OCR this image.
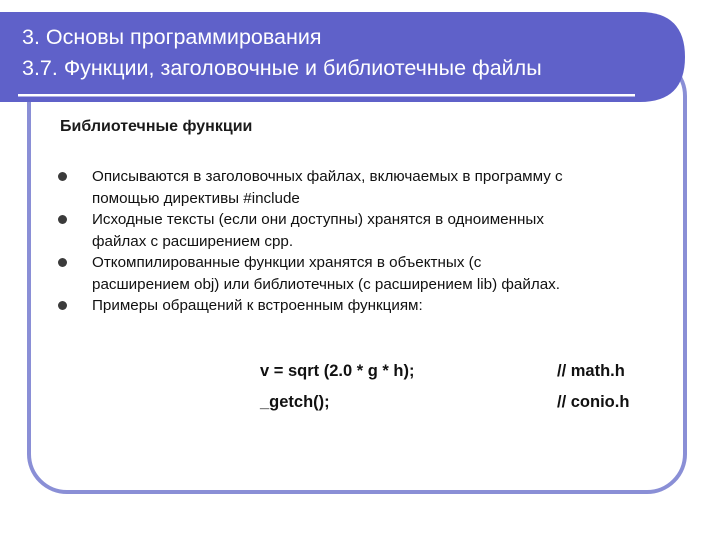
3. Основы программирования
3.7. Функции, заголовочные и библиотечные файлы
Библиотечные функции
Описываются в заголовочных файлах, включаемых в программу с
помощью директивы #include
Исходные тексты (если они доступны) хранятся в одноименных
файлах с расширением cpp.
Откомпилированные функции хранятся в объектных (с
расширением obj) или библиотечных (с расширением lib) файлах.
Примеры обращений к встроенным функциям:
v = sqrt (2.0 * g * h);
_getch();
// math.h
// conio.h
